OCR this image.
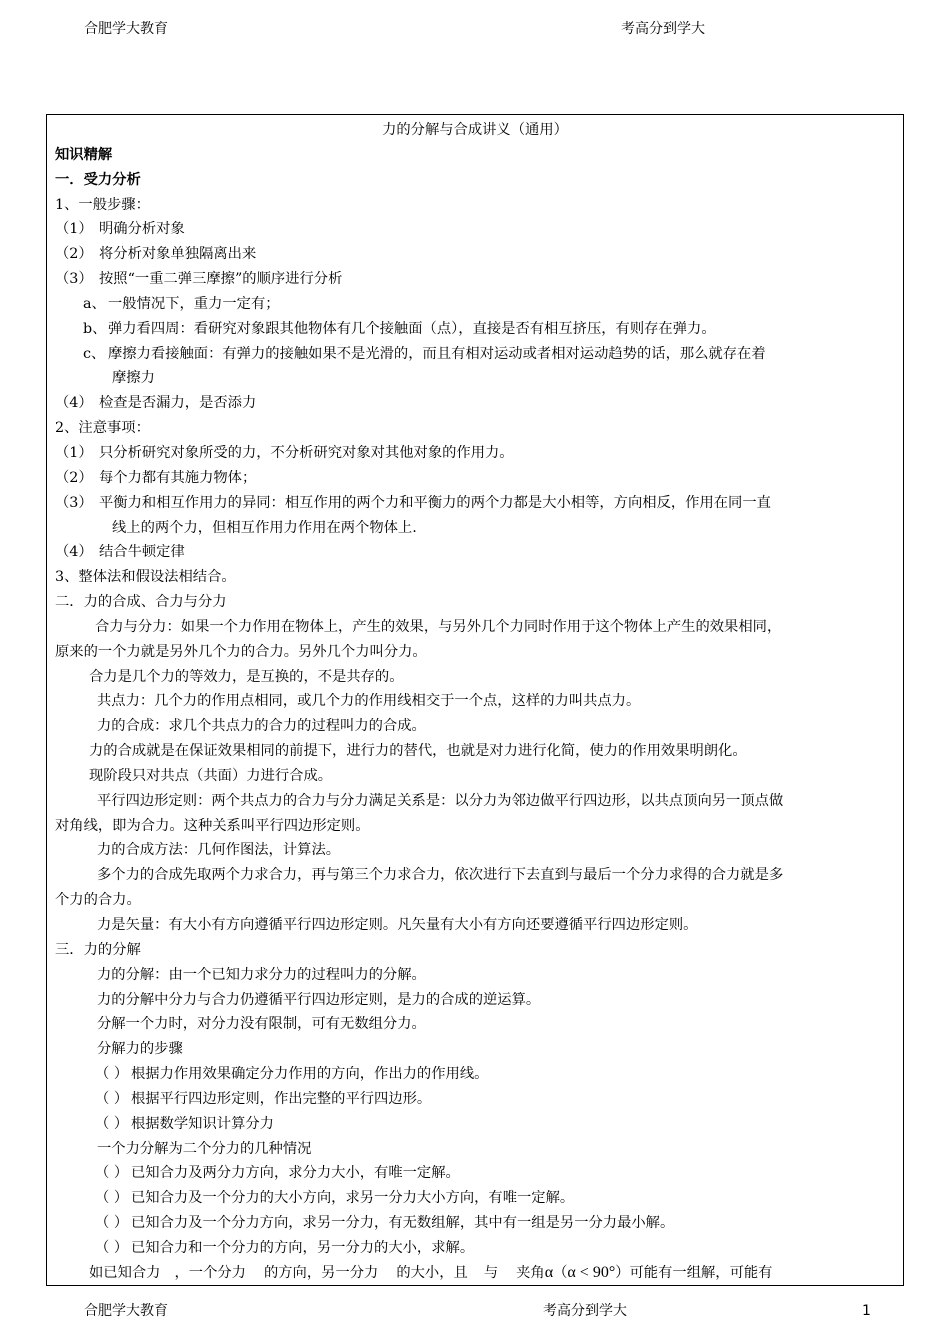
合肥学大教育	考高分到学大
力的分解与合成讲义（通用）
知识精解
一．受力分析
1、一般步骤：
（1） 明确分析对象
（2） 将分析对象单独隔离出来
（3） 按照“一重二弹三摩擦”的顺序进行分析
a、 一般情况下，重力一定有；
b、 弹力看四周：看研究对象跟其他物体有几个接触面（点），直接是否有相互挤压，有则存在弹力。
c、 摩擦力看接触面：有弹力的接触如果不是光滑的，而且有相对运动或者相对运动趋势的话，那么就存在着
摩擦力
（4） 检查是否漏力，是否添力
2、注意事项：
（1） 只分析研究对象所受的力，不分析研究对象对其他对象的作用力。
（2） 每个力都有其施力物体；
（3） 平衡力和相互作用力的异同：相互作用的两个力和平衡力的两个力都是大小相等，方向相反，作用在同一直
线上的两个力，但相互作用力作用在两个物体上.
（4） 结合牛顿定律
3、整体法和假设法相结合。
二．力的合成、合力与分力
合力与分力：如果一个力作用在物体上，产生的效果，与另外几个力同时作用于这个物体上产生的效果相同，
原来的一个力就是另外几个力的合力。另外几个力叫分力。
合力是几个力的等效力，是互换的，不是共存的。
共点力：几个力的作用点相同，或几个力的作用线相交于一个点，这样的力叫共点力。
力的合成：求几个共点力的合力的过程叫力的合成。
力的合成就是在保证效果相同的前提下，进行力的替代，也就是对力进行化简，使力的作用效果明朗化。
现阶段只对共点（共面）力进行合成。
平行四边形定则：两个共点力的合力与分力满足关系是：以分力为邻边做平行四边形，以共点顶向另一顶点做
对角线，即为合力。这种关系叫平行四边形定则。
力的合成方法：几何作图法，计算法。
多个力的合成先取两个力求合力，再与第三个力求合力，依次进行下去直到与最后一个分力求得的合力就是多
个力的合力。
力是矢量：有大小有方向遵循平行四边形定则。凡矢量有大小有方向还要遵循平行四边形定则。
三．力的分解
力的分解：由一个已知力求分力的过程叫力的分解。
力的分解中分力与合力仍遵循平行四边形定则，是力的合成的逆运算。
分解一个力时，对分力没有限制，可有无数组分力。
分解力的步骤
（ ） 根据力作用效果确定分力作用的方向，作出力的作用线。
（ ） 根据平行四边形定则，作出完整的平行四边形。
（ ） 根据数学知识计算分力
一个力分解为二个分力的几种情况
（ ） 已知合力及两分力方向，求分力大小，有唯一定解。
（ ） 已知合力及一个分力的大小方向，求另一分力大小方向，有唯一定解。
（ ） 已知合力及一个分力方向，求另一分力，有无数组解，其中有一组是另一分力最小解。
（ ） 已知合力和一个分力的方向，另一分力的大小，求解。
如已知合力 ，一个分力 的方向，另一分力 的大小，且 与 夹角α（α < 90°）可能有一组解，可能有
合肥学大教育	考高分到学大	1
